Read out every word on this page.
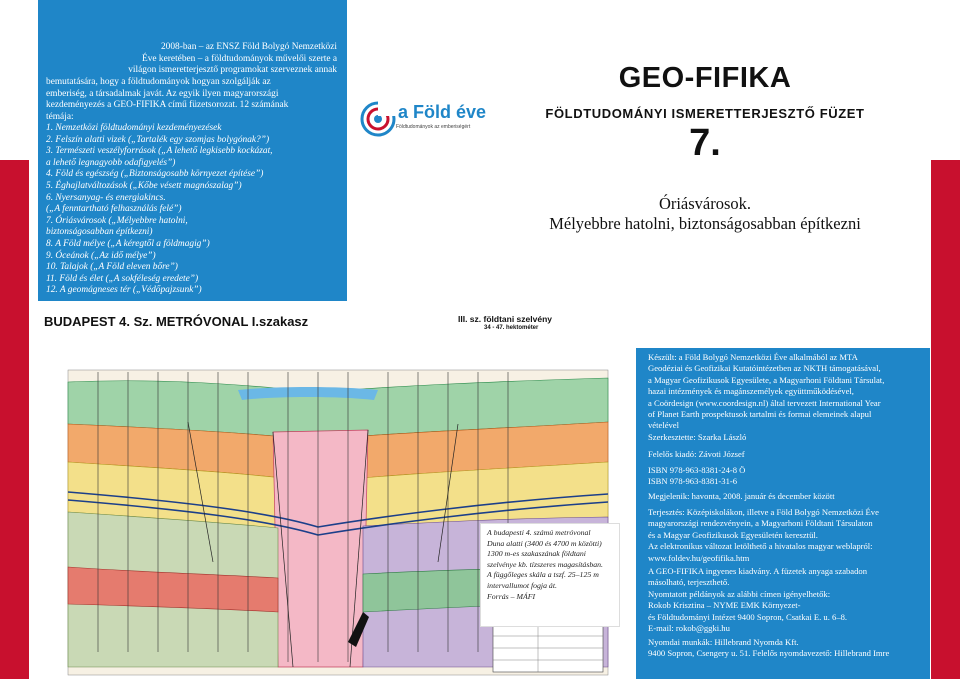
2008-ban – az ENSZ Föld Bolygó Nemzetközi
Éve keretében – a földtudományok művelői szerte a
világon ismeretterjesztő programokat szerveznek annak
bemutatására, hogy a földtudományok hogyan szolgálják az
emberiség, a társadalmak javát. Az egyik ilyen magyarországi
kezdeményezés a GEO-FIFIKA című füzetsorozat. 12 számának
témája:
1. Nemzetközi földtudományi kezdeményezések
2. Felszín alatti vizek („Tartalék egy szomjas bolygónak?”)
3. Természeti veszélyforrások („A lehető legkisebb kockázat,
a lehető legnagyobb odafigyelés”)
4. Föld és egészség („Biztonságosabb környezet építése”)
5. Éghajlatváltozások („Kőbe vésett magnószalag”)
6. Nyersanyag- és energiakincs.
(„A fenntartható felhasználás felé”)
7. Óriásvárosok („Mélyebbre hatolni,
biztonságosabban építkezni)
8. A Föld mélye („A kéregtől a földmagig”)
9. Óceánok („Az idő mélye”)
10. Talajok („A Föld eleven bőre”)
11. Föld és élet („A sokféleség eredete”)
12. A geomágneses tér („Védőpajzsunk”)
a Föld éve
Földtudományok az emberiségért
GEO-FIFIKA
FÖLDTUDOMÁNYI ISMERETTERJESZTŐ FÜZET
7.
Óriásvárosok.
Mélyebbre hatolni, biztonságosabban építkezni
BUDAPEST 4. Sz. METRÓVONAL I.szakasz	III. sz. földtani szelvény
34 - 47. hektométer
A budapesti 4. számú metróvonal
Duna alatti (3400 és 4700 m közötti)
1300 m-es szakaszának földtani
szelvénye kb. tízszeres magasításban.
A függőleges skála a tszf. 25–125 m
intervallumot fogja át.
Forrás – MÁFI
Készült: a Föld Bolygó Nemzetközi Éve alkalmából az MTA
Geodéziai és Geofizikai Kutatóintézetben az NKTH támogatásával,
a Magyar Geofizikusok Egyesülete, a Magyarhoni Földtani Társulat,
hazai intézmények és magánszemélyek együttműködésével,
a Coördesign (www.coordesign.nl) által tervezett International Year
of Planet Earth prospektusok tartalmi és formai elemeinek alapul
vételével
Szerkesztette: Szarka László
Felelős kiadó: Závoti József
ISBN 978-963-8381-24-8 Ö
ISBN 978-963-8381-31-6
Megjelenik: havonta, 2008. január és december között
Terjesztés: Középiskolákon, illetve a Föld Bolygó Nemzetközi Éve
magyarországi rendezvényein, a Magyarhoni Földtani Társulaton
és a Magyar Geofizikusok Egyesületén keresztül.
Az elektronikus változat letölthető a hivatalos magyar weblapról:
www.foldev.hu/geofifika.htm
A GEO-FIFIKA ingyenes kiadvány. A füzetek anyaga szabadon
másolható, terjeszthető.
Nyomtatott példányok az alábbi címen igényelhetők:
Rokob Krisztina – NYME EMK Környezet-
és Földtudományi Intézet 9400 Sopron, Csatkai E. u. 6–8.
E-mail: rokob@ggki.hu
Nyomdai munkák: Hillebrand Nyomda Kft.
9400 Sopron, Csengery u. 51. Felelős nyomdavezető: Hillebrand Imre
